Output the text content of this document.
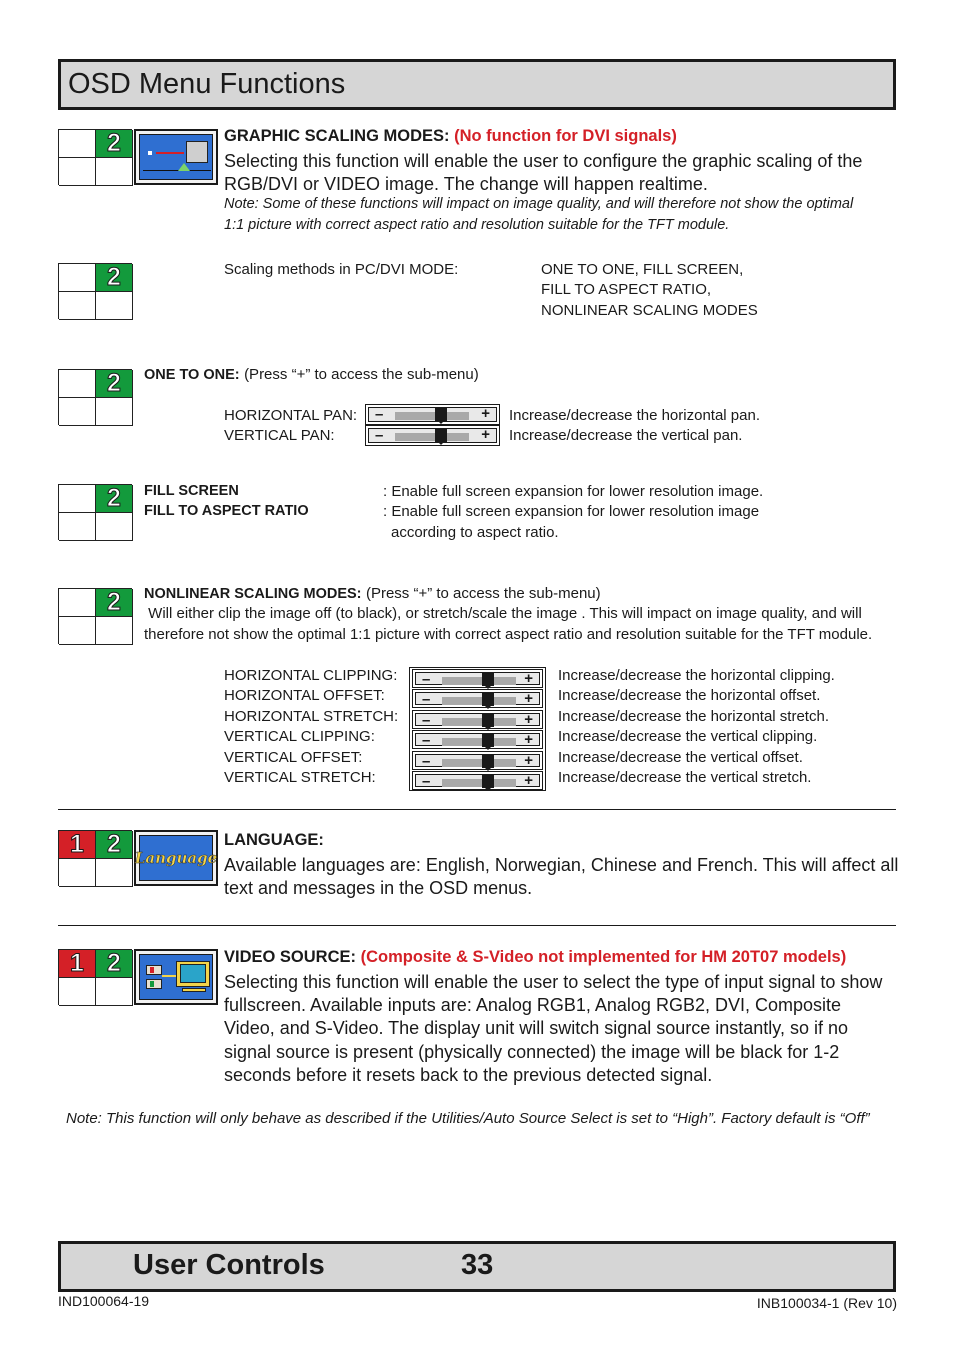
OSD Menu Functions
2	GRAPHIC SCALING MODES: (No function for DVI signals)
Selecting this function will enable the user to configure the graphic scaling of the
RGB/DVI or VIDEO image. The change will happen realtime.
Note: Some of these functions will impact on image quality, and will therefore not show the optimal
1:1 picture with correct aspect ratio and resolution suitable for the TFT module.
2	Scaling methods in PC/DVI MODE:	ONE TO ONE, FILL SCREEN,
FILL TO ASPECT RATIO,
NONLINEAR SCALING MODES
2 ONE TO ONE: (Press “+” to access the sub-menu)
HORIZONTAL PAN: –	+ Increase/decrease the horizontal pan.
VERTICAL PAN:	–	+ Increase/decrease the vertical pan.
2 FILL SCREEN	: Enable full screen expansion for lower resolution image.
FILL TO ASPECT RATIO	: Enable full screen expansion for lower resolution image
according to aspect ratio.
2 NONLINEAR SCALING MODES: (Press “+” to access the sub-menu)
Will either clip the image off (to black), or stretch/scale the image . This will impact on image quality, and will
therefore not show the optimal 1:1 picture with correct aspect ratio and resolution suitable for the TFT module.
HORIZONTAL CLIPPING: –	+ Increase/decrease the horizontal clipping.
HORIZONTAL OFFSET: –	+ Increase/decrease the horizontal offset.
HORIZONTAL STRETCH: –	+ Increase/decrease the horizontal stretch.
VERTICAL CLIPPING:	–	+ Increase/decrease the vertical clipping.
VERTICAL OFFSET:	–	+ Increase/decrease the vertical offset.
VERTICAL STRETCH:	–	+ Increase/decrease the vertical stretch.
1 2 Language
LANGUAGE:
Available languages are: English, Norwegian, Chinese and French. This will affect all
text and messages in the OSD menus.
1 2	VIDEO SOURCE: (Composite & S-Video not implemented for HM 20T07 models)
Selecting this function will enable the user to select the type of input signal to show
fullscreen. Available inputs are: Analog RGB1, Analog RGB2, DVI, Composite
Video, and S-Video. The display unit will switch signal source instantly, so if no
signal source is present (physically connected) the image will be black for 1-2
seconds before it resets back to the previous detected signal.
Note: This function will only behave as described if the Utilities/Auto Source Select is set to “High”. Factory default is “Off”
User Controls	33
IND100064-19	INB100034-1 (Rev 10)
